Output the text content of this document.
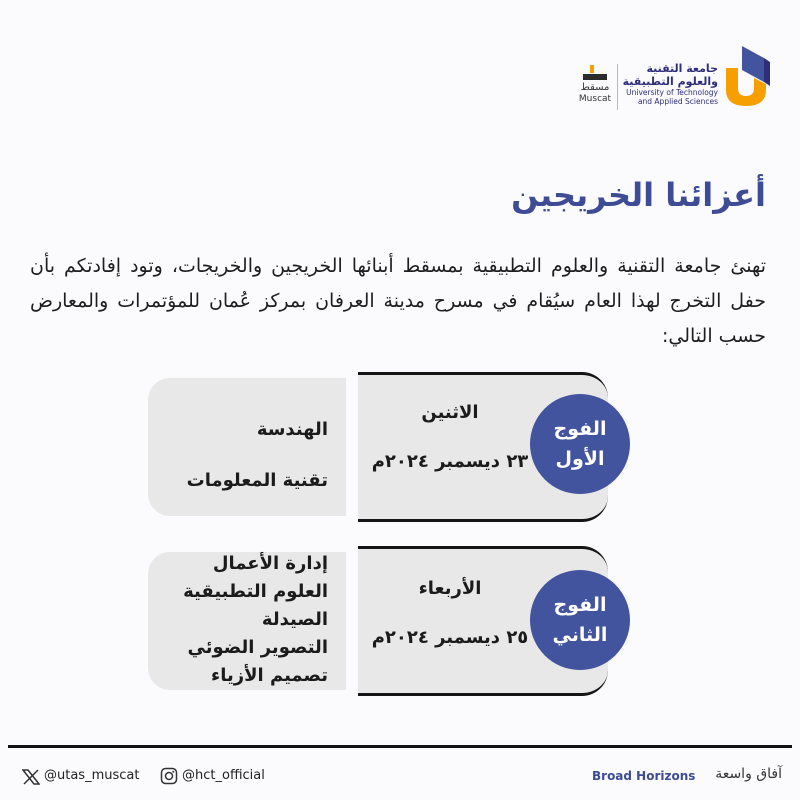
مسقط
Muscat
جامعة التقنية
والعلوم التطبيقية
University of Technology
and Applied Sciences
أعزائنا الخريجين

تهنئ جامعة التقنية والعلوم التطبيقية بمسقط أبنائها الخريجين والخريجات، وتود إفادتكم بأن حفل التخرج لهذا العام سيُقام في مسرح مدينة العرفان بمركز عُمان للمؤتمرات والمعارض حسب التالي:

الاثنين
٢٣ ديسمبر ٢٠٢٤م
الفوج
الأول
الهندسة
تقنية المعلومات
الأربعاء
٢٥ ديسمبر ٢٠٢٤م
الفوج
الثاني
إدارة الأعمال
العلوم التطبيقية
الصيدلة
التصوير الضوئي
تصميم الأزياء
@utas_muscat	@hct_official	Broad Horizons	آفاق واسعة
